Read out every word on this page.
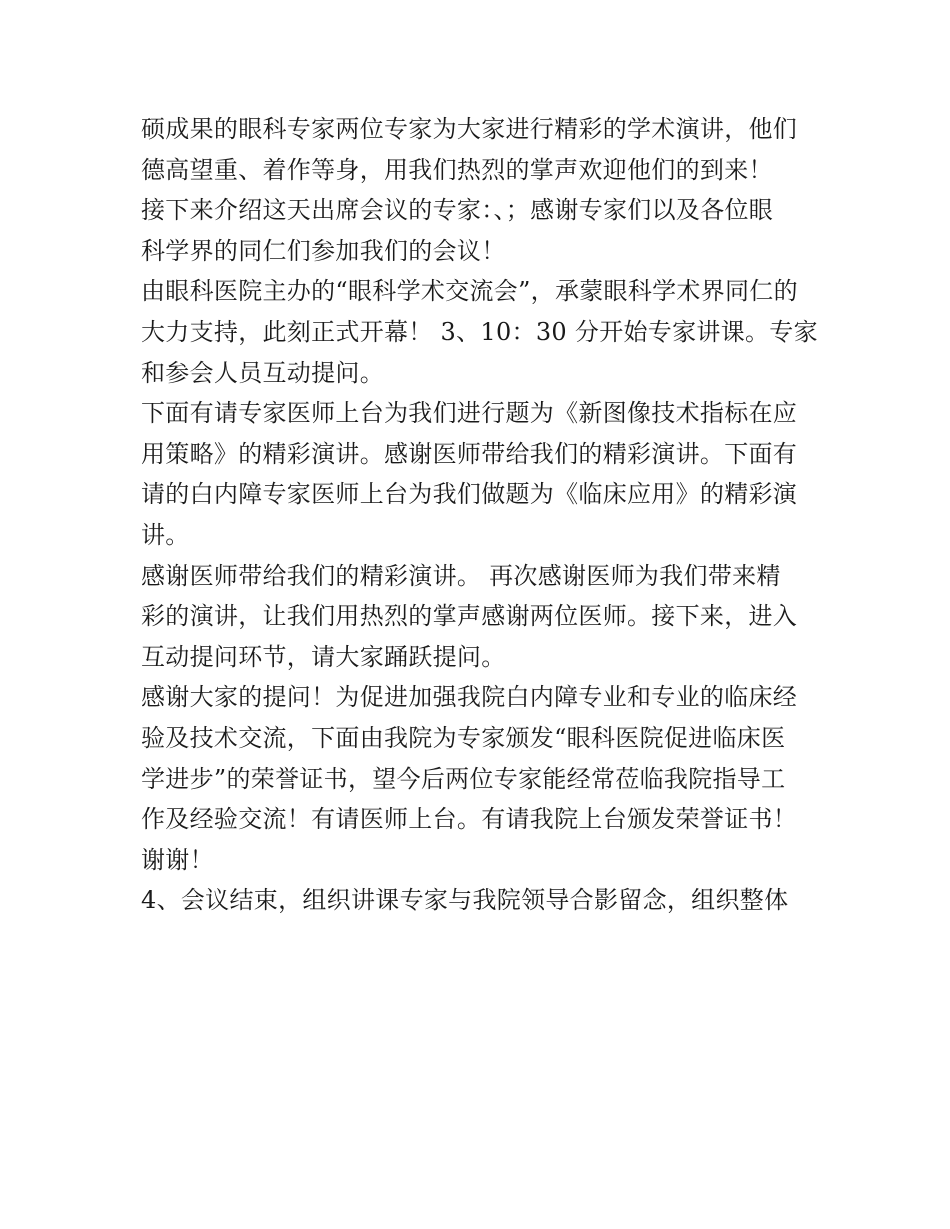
硕成果的眼科专家两位专家为大家进行精彩的学术演讲，他们
德高望重、着作等身，用我们热烈的掌声欢迎他们的到来！
接下来介绍这天出席会议的专家：、；感谢专家们以及各位眼
科学界的同仁们参加我们的会议！
由眼科医院主办的“眼科学术交流会”，承蒙眼科学术界同仁的
大力支持，此刻正式开幕！ 3、10：30 分开始专家讲课。专家
和参会人员互动提问。
下面有请专家医师上台为我们进行题为《新图像技术指标在应
用策略》的精彩演讲。感谢医师带给我们的精彩演讲。下面有
请的白内障专家医师上台为我们做题为《临床应用》的精彩演
讲。
感谢医师带给我们的精彩演讲。 再次感谢医师为我们带来精
彩的演讲，让我们用热烈的掌声感谢两位医师。接下来，进入
互动提问环节，请大家踊跃提问。
感谢大家的提问！为促进加强我院白内障专业和专业的临床经
验及技术交流，下面由我院为专家颁发“眼科医院促进临床医
学进步”的荣誉证书，望今后两位专家能经常莅临我院指导工
作及经验交流！有请医师上台。有请我院上台颁发荣誉证书！
谢谢！
4、会议结束，组织讲课专家与我院领导合影留念，组织整体
